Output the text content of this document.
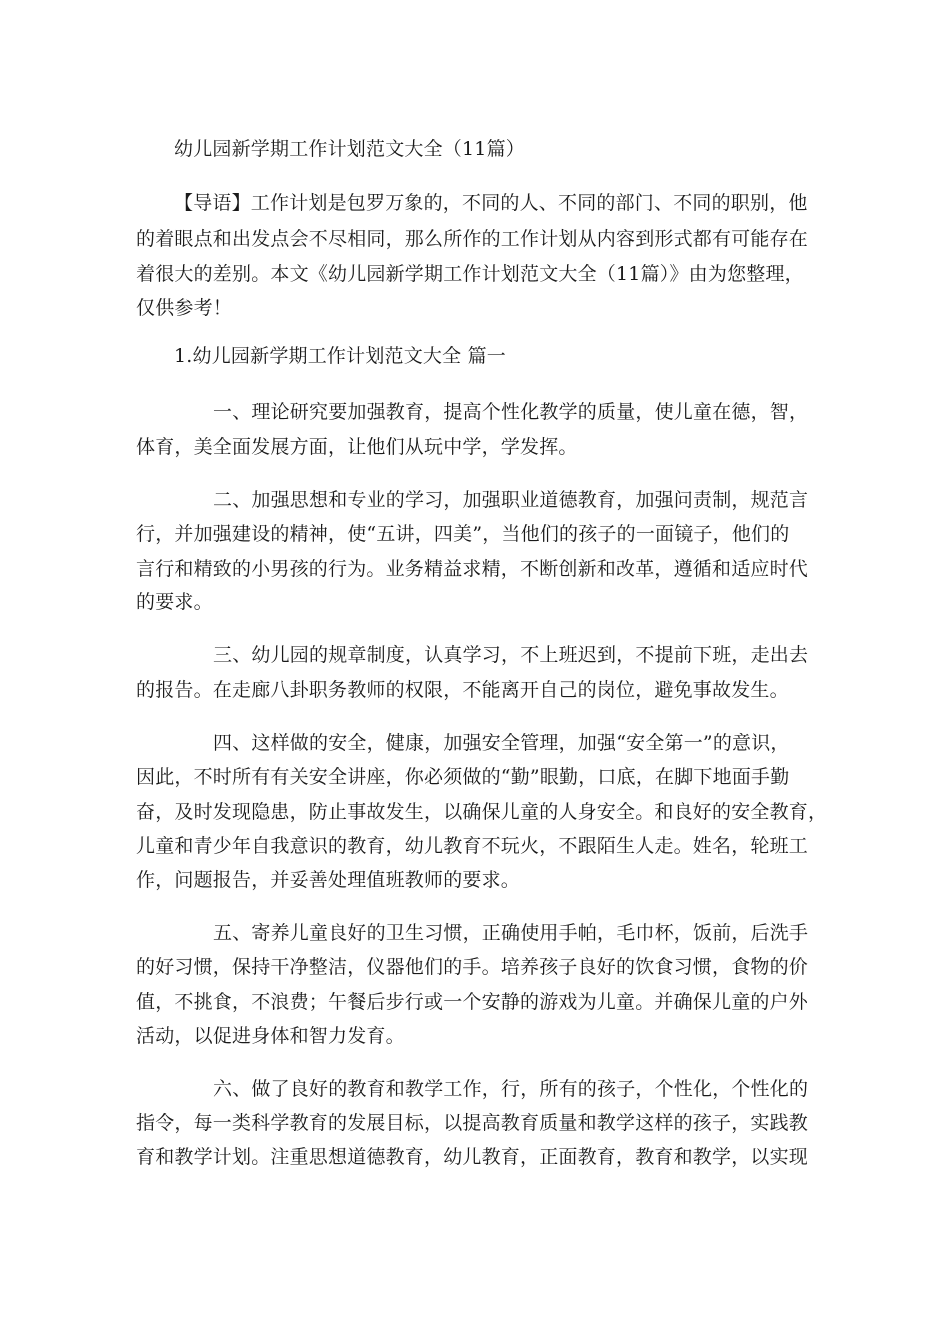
幼儿园新学期工作计划范文大全（11篇）
【导语】工作计划是包罗万象的，不同的人、不同的部门、不同的职别，他
的着眼点和出发点会不尽相同，那么所作的工作计划从内容到形式都有可能存在
着很大的差别。本文《幼儿园新学期工作计划范文大全（11篇）》由为您整理，
仅供参考！
1.幼儿园新学期工作计划范文大全 篇一
一、理论研究要加强教育，提高个性化教学的质量，使儿童在德，智，
体育，美全面发展方面，让他们从玩中学，学发挥。
二、加强思想和专业的学习，加强职业道德教育，加强问责制，规范言
行，并加强建设的精神，使“五讲，四美”，当他们的孩子的一面镜子，他们的
言行和精致的小男孩的行为。业务精益求精，不断创新和改革，遵循和适应时代
的要求。
三、幼儿园的规章制度，认真学习，不上班迟到，不提前下班，走出去
的报告。在走廊八卦职务教师的权限，不能离开自己的岗位，避免事故发生。
四、这样做的安全，健康，加强安全管理，加强“安全第一”的意识，
因此，不时所有有关安全讲座，你必须做的“勤”眼勤，口底，在脚下地面手勤
奋，及时发现隐患，防止事故发生，以确保儿童的人身安全。和良好的安全教育，
儿童和青少年自我意识的教育，幼儿教育不玩火，不跟陌生人走。姓名，轮班工
作，问题报告，并妥善处理值班教师的要求。
五、寄养儿童良好的卫生习惯，正确使用手帕，毛巾杯，饭前，后洗手
的好习惯，保持干净整洁，仪器他们的手。培养孩子良好的饮食习惯，食物的价
值，不挑食，不浪费；午餐后步行或一个安静的游戏为儿童。并确保儿童的户外
活动，以促进身体和智力发育。
六、做了良好的教育和教学工作，行，所有的孩子，个性化，个性化的
指令，每一类科学教育的发展目标，以提高教育质量和教学这样的孩子，实践教
育和教学计划。注重思想道德教育，幼儿教育，正面教育，教育和教学，以实现
